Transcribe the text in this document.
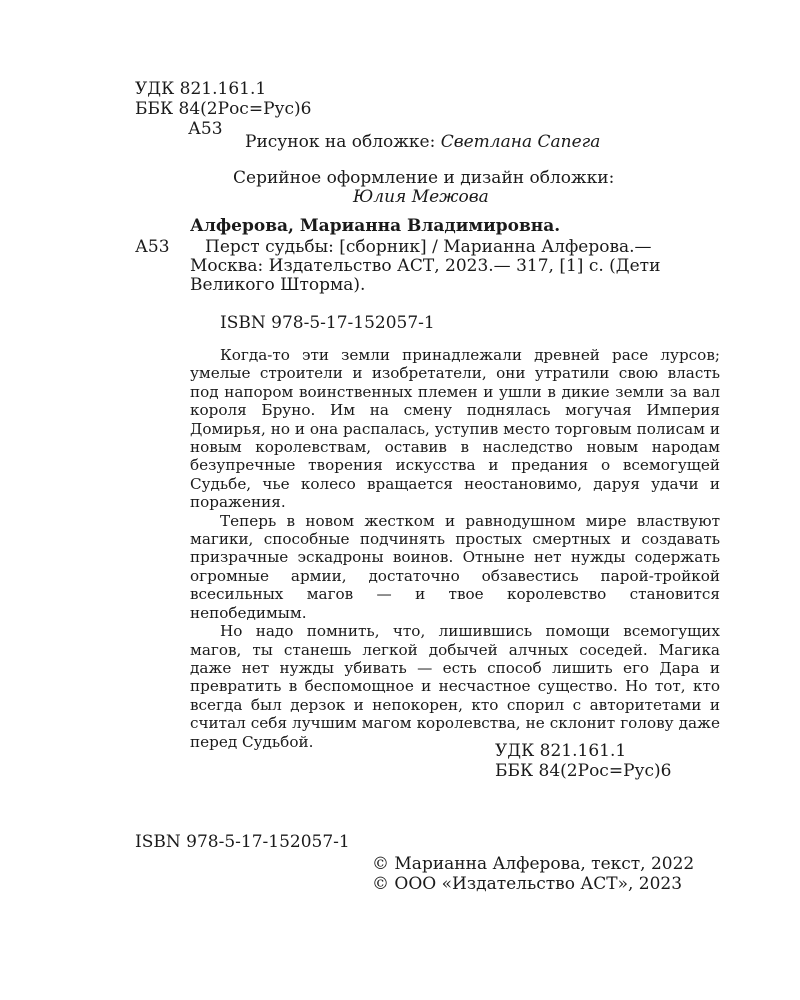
УДК 821.161.1
ББК 84(2Рос=Рус)6
А53
Рисунок на обложке: Светлана Сапега
Серийное оформление и дизайн обложки:
Юлия Межова
Алферова, Марианна Владимировна.
А53 Перст судьбы: [сборник] / Марианна Алферова.—
Москва: Издательство АСТ, 2023.— 317, [1] с. (Дети
Великого Шторма).
ISBN 978-5-17-152057-1

Когда-то эти земли принадлежали древней расе лурсов; умелые строители и изобретатели, они утратили свою власть под напором воинственных племен и ушли в дикие земли за вал короля Бруно. Им на смену поднялась могучая Империя Домирья, но и она распалась, уступив место торговым полисам и новым королевствам, оставив в наследство новым народам безупречные творения искусства и предания о всемогущей Судьбе, чье колесо вращается неостановимо, даруя удачи и поражения.

Теперь в новом жестком и равнодушном мире властвуют магики, способные подчинять простых смертных и создавать призрачные эскадроны воинов. Отныне нет нужды содержать огромные армии, достаточно обзавестись парой-тройкой всесильных магов — и твое королевство становится непобедимым.

Но надо помнить, что, лишившись помощи всемогущих магов, ты станешь легкой добычей алчных соседей. Магика даже нет нужды убивать — есть способ лишить его Дара и превратить в беспомощное и несчастное существо. Но тот, кто всегда был дерзок и непокорен, кто спорил с авторитетами и считал себя лучшим магом королевства, не склонит голову даже перед Судьбой.	УДК 821.161.1
ББК 84(2Рос=Рус)6
ISBN 978-5-17-152057-1
© Марианна Алферова, текст, 2022
© ООО «Издательство АСТ», 2023
